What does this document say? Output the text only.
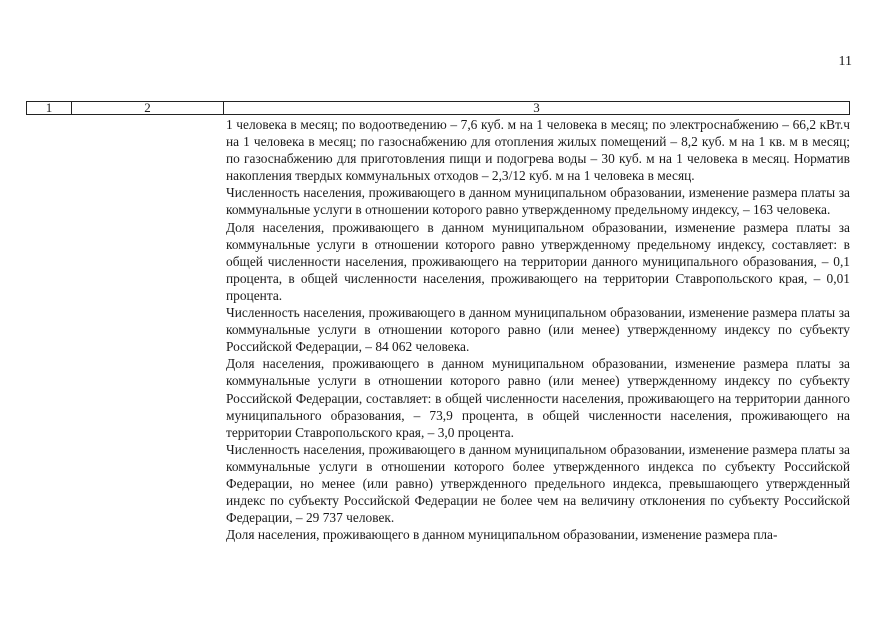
11
1	2	3

1 человека в месяц; по водоотведению – 7,6 куб. м на 1 человека в месяц; по электроснабжению – 66,2 кВт.ч на 1 человека в месяц; по газоснабжению для отопления жилых помещений – 8,2 куб. м на 1 кв. м в месяц; по газоснабжению для приготовления пищи и подогрева воды – 30 куб. м на 1 человека в месяц. Норматив накопления твердых коммунальных отходов – 2,3/12 куб. м на 1 человека в месяц.

Численность населения, проживающего в данном муниципальном образовании, изменение размера платы за коммунальные услуги в отношении которого равно утвержденному предельному индексу, – 163 человека.

Доля населения, проживающего в данном муниципальном образовании, изменение размера платы за коммунальные услуги в отношении которого равно утвержденному предельному индексу, составляет: в общей численности населения, проживающего на территории данного муниципального образования, – 0,1 процента, в общей численности населения, проживающего на территории Ставропольского края, – 0,01 процента.

Численность населения, проживающего в данном муниципальном образовании, изменение размера платы за коммунальные услуги в отношении которого равно (или менее) утвержденному индексу по субъекту Российской Федерации, – 84 062 человека.

Доля населения, проживающего в данном муниципальном образовании, изменение размера платы за коммунальные услуги в отношении которого равно (или менее) утвержденному индексу по субъекту Российской Федерации, составляет: в общей численности населения, проживающего на территории данного муниципального образования, – 73,9 процента, в общей численности населения, проживающего на территории Ставропольского края, – 3,0 процента.

Численность населения, проживающего в данном муниципальном образовании, изменение размера платы за коммунальные услуги в отношении которого более утвержденного индекса по субъекту Российской Федерации, но менее (или равно) утвержденного предельного индекса, превышающего утвержденный индекс по субъекту Российской Федерации не более чем на величину отклонения по субъекту Российской Федерации, – 29 737 человек.

Доля населения, проживающего в данном муниципальном образовании, изменение размера пла-
